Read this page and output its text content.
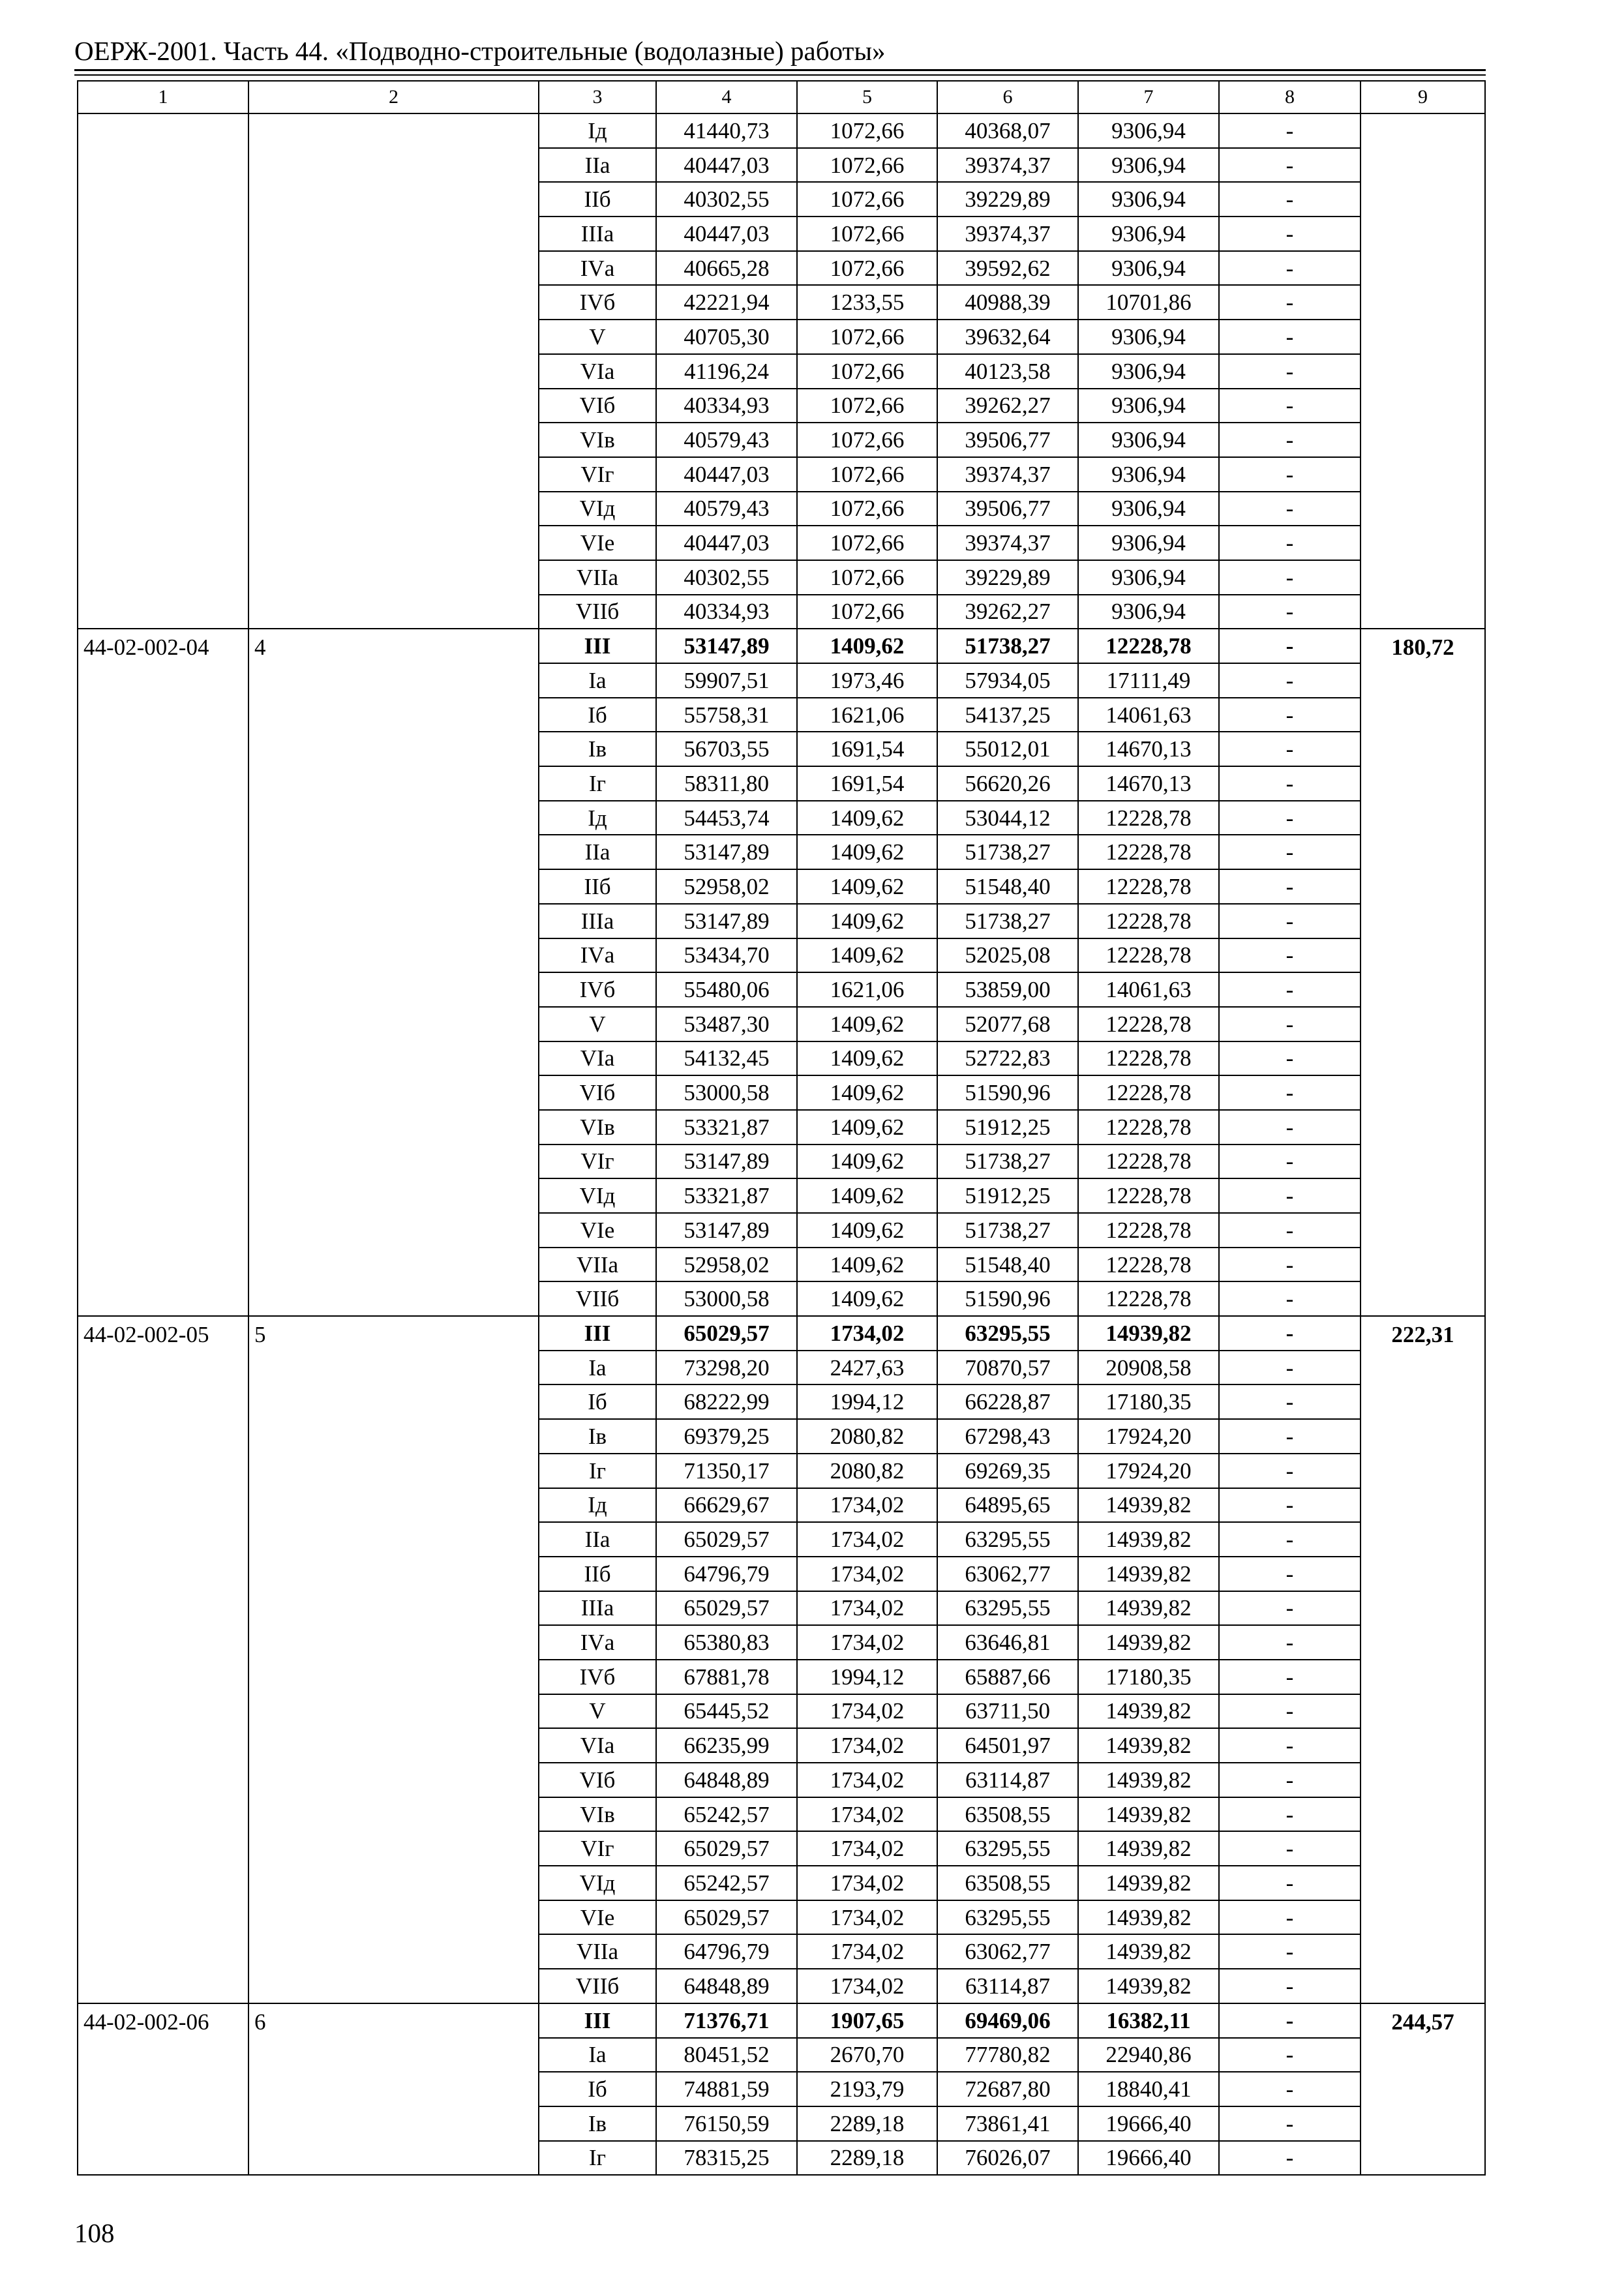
ОЕРЖ-2001. Часть 44. «Подводно-строительные (водолазные) работы»
1	2	3	4	5	6	7	8	9
		Iд	41440,73	1072,66	40368,07	9306,94	-	
		IIа	40447,03	1072,66	39374,37	9306,94	-	
		IIб	40302,55	1072,66	39229,89	9306,94	-	
		IIIа	40447,03	1072,66	39374,37	9306,94	-	
		IVа	40665,28	1072,66	39592,62	9306,94	-	
		IVб	42221,94	1233,55	40988,39	10701,86	-	
		V	40705,30	1072,66	39632,64	9306,94	-	
		VIа	41196,24	1072,66	40123,58	9306,94	-	
		VIб	40334,93	1072,66	39262,27	9306,94	-	
		VIв	40579,43	1072,66	39506,77	9306,94	-	
		VIг	40447,03	1072,66	39374,37	9306,94	-	
		VIд	40579,43	1072,66	39506,77	9306,94	-	
		VIе	40447,03	1072,66	39374,37	9306,94	-	
		VIIа	40302,55	1072,66	39229,89	9306,94	-	
		VIIб	40334,93	1072,66	39262,27	9306,94	-	
44-02-002-04	4	III	53147,89	1409,62	51738,27	12228,78	-	180,72
		Iа	59907,51	1973,46	57934,05	17111,49	-	
		Iб	55758,31	1621,06	54137,25	14061,63	-	
		Iв	56703,55	1691,54	55012,01	14670,13	-	
		Iг	58311,80	1691,54	56620,26	14670,13	-	
		Iд	54453,74	1409,62	53044,12	12228,78	-	
		IIа	53147,89	1409,62	51738,27	12228,78	-	
		IIб	52958,02	1409,62	51548,40	12228,78	-	
		IIIа	53147,89	1409,62	51738,27	12228,78	-	
		IVа	53434,70	1409,62	52025,08	12228,78	-	
		IVб	55480,06	1621,06	53859,00	14061,63	-	
		V	53487,30	1409,62	52077,68	12228,78	-	
		VIа	54132,45	1409,62	52722,83	12228,78	-	
		VIб	53000,58	1409,62	51590,96	12228,78	-	
		VIв	53321,87	1409,62	51912,25	12228,78	-	
		VIг	53147,89	1409,62	51738,27	12228,78	-	
		VIд	53321,87	1409,62	51912,25	12228,78	-	
		VIе	53147,89	1409,62	51738,27	12228,78	-	
		VIIа	52958,02	1409,62	51548,40	12228,78	-	
		VIIб	53000,58	1409,62	51590,96	12228,78	-	
44-02-002-05	5	III	65029,57	1734,02	63295,55	14939,82	-	222,31
		Iа	73298,20	2427,63	70870,57	20908,58	-	
		Iб	68222,99	1994,12	66228,87	17180,35	-	
		Iв	69379,25	2080,82	67298,43	17924,20	-	
		Iг	71350,17	2080,82	69269,35	17924,20	-	
		Iд	66629,67	1734,02	64895,65	14939,82	-	
		IIа	65029,57	1734,02	63295,55	14939,82	-	
		IIб	64796,79	1734,02	63062,77	14939,82	-	
		IIIа	65029,57	1734,02	63295,55	14939,82	-	
		IVа	65380,83	1734,02	63646,81	14939,82	-	
		IVб	67881,78	1994,12	65887,66	17180,35	-	
		V	65445,52	1734,02	63711,50	14939,82	-	
		VIа	66235,99	1734,02	64501,97	14939,82	-	
		VIб	64848,89	1734,02	63114,87	14939,82	-	
		VIв	65242,57	1734,02	63508,55	14939,82	-	
		VIг	65029,57	1734,02	63295,55	14939,82	-	
		VIд	65242,57	1734,02	63508,55	14939,82	-	
		VIе	65029,57	1734,02	63295,55	14939,82	-	
		VIIа	64796,79	1734,02	63062,77	14939,82	-	
		VIIб	64848,89	1734,02	63114,87	14939,82	-	
44-02-002-06	6	III	71376,71	1907,65	69469,06	16382,11	-	244,57
		Iа	80451,52	2670,70	77780,82	22940,86	-	
		Iб	74881,59	2193,79	72687,80	18840,41	-	
		Iв	76150,59	2289,18	73861,41	19666,40	-	
		Iг	78315,25	2289,18	76026,07	19666,40	-	
108
